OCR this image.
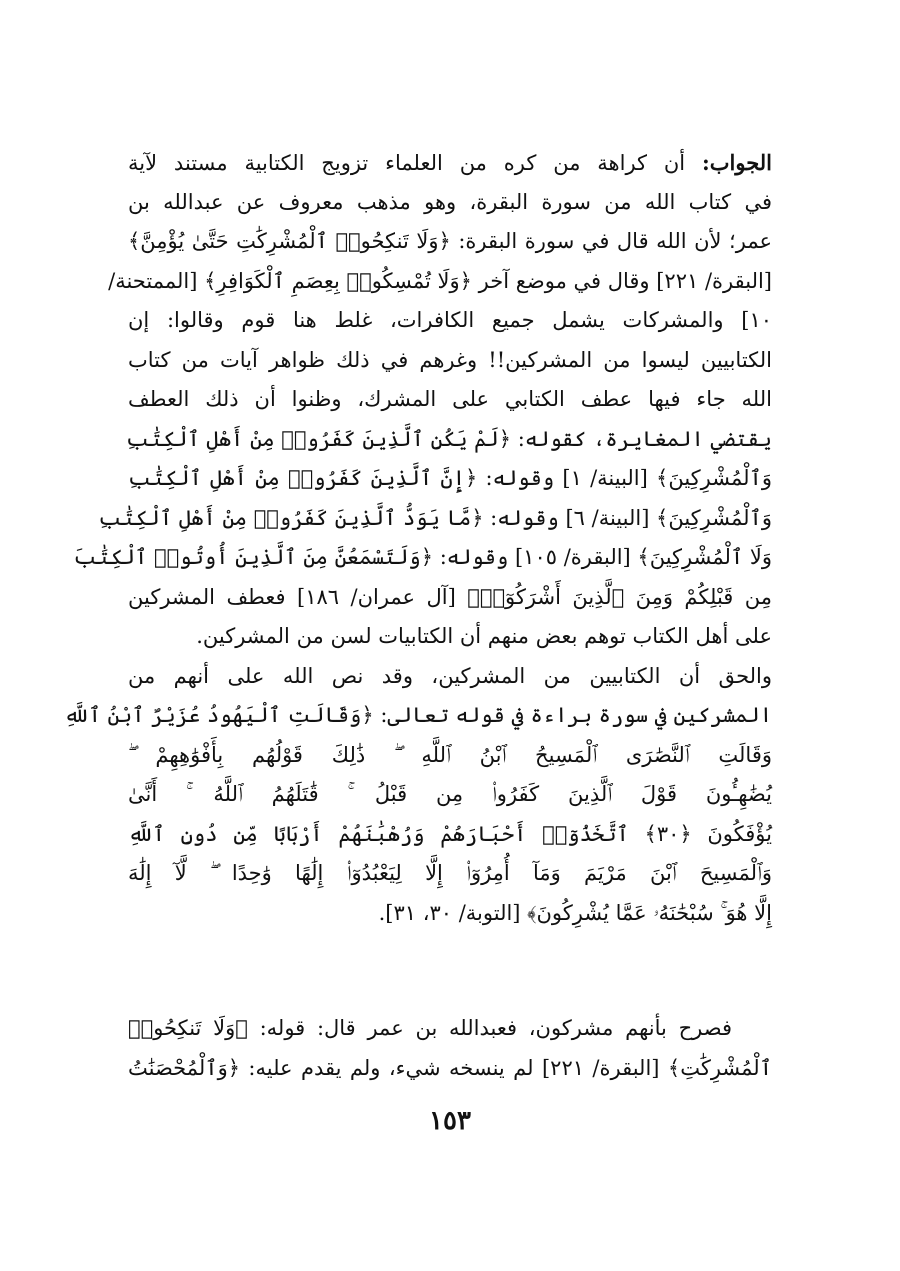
الجواب: أن كراهة من كره من العلماء تزويج الكتابية مستند لآية
في كتاب الله من سورة البقرة، وهو مذهب معروف عن عبدالله بن
عمر؛ لأن الله قال في سورة البقرة: ﴿وَلَا تَنكِحُوا۟ ٱلْمُشْرِكَٰتِ حَتَّىٰ يُؤْمِنَّ﴾
[البقرة/ ٢٢١] وقال في موضع آخر ﴿وَلَا تُمْسِكُوا۟ بِعِصَمِ ٱلْكَوَافِرِ﴾ [الممتحنة/
١٠] والمشركات يشمل جميع الكافرات، غلط هنا قوم وقالوا: إن
الكتابيين ليسوا من المشركين!! وغرهم في ذلك ظواهر آيات من كتاب
الله جاء فيها عطف الكتابي على المشرك، وظنوا أن ذلك العطف
يقتضي المغايرة، كقوله: ﴿لَمْ يَكُنِ ٱلَّذِينَ كَفَرُوا۟ مِنْ أَهْلِ ٱلْكِتَٰبِ
وَٱلْمُشْرِكِينَ﴾ [البينة/ ١] وقوله: ﴿إِنَّ ٱلَّذِينَ كَفَرُوا۟ مِنْ أَهْلِ ٱلْكِتَٰبِ
وَٱلْمُشْرِكِينَ﴾ [البينة/ ٦] وقوله: ﴿مَّا يَوَدُّ ٱلَّذِينَ كَفَرُوا۟ مِنْ أَهْلِ ٱلْكِتَٰبِ
وَلَا ٱلْمُشْرِكِينَ﴾ [البقرة/ ١٠٥] وقوله: ﴿وَلَتَسْمَعُنَّ مِنَ ٱلَّذِينَ أُوتُوا۟ ٱلْكِتَٰبَ
مِن قَبْلِكُمْ وَمِنَ ٱلَّذِينَ أَشْرَكُوٓا۟﴾ [آل عمران/ ١٨٦] فعطف المشركين
على أهل الكتاب توهم بعض منهم أن الكتابيات لسن من المشركين.
والحق أن الكتابيين من المشركين، وقد نص الله على أنهم من
المشركين في سورة براءة في قوله تعالى: ﴿وَقَالَتِ ٱلْيَهُودُ عُزَيْرٌ ٱبْنُ ٱللَّهِ
وَقَالَتِ ٱلنَّصَٰرَى ٱلْمَسِيحُ ٱبْنُ ٱللَّهِ ۖ ذَٰلِكَ قَوْلُهُم بِأَفْوَٰهِهِمْ ۖ
يُضَٰهِـُٔونَ قَوْلَ ٱلَّذِينَ كَفَرُوا۟ مِن قَبْلُ ۚ قَٰتَلَهُمُ ٱللَّهُ ۚ أَنَّىٰ
يُؤْفَكُونَ ﴿٣٠﴾ ٱتَّخَذُوٓا۟ أَحْبَارَهُمْ وَرُهْبَٰنَهُمْ أَرْبَابًا مِّن دُونِ ٱللَّهِ
وَٱلْمَسِيحَ ٱبْنَ مَرْيَمَ وَمَآ أُمِرُوٓا۟ إِلَّا لِيَعْبُدُوٓا۟ إِلَٰهًا وَٰحِدًا ۖ لَّآ إِلَٰهَ
إِلَّا هُوَ ۚ سُبْحَٰنَهُۥ عَمَّا يُشْرِكُونَ﴾ [التوبة/ ٣٠، ٣١].
فصرح بأنهم مشركون، فعبدالله بن عمر قال: قوله: ﴿وَلَا تَنكِحُوا۟
ٱلْمُشْرِكَٰتِ﴾ [البقرة/ ٢٢١] لم ينسخه شيء، ولم يقدم عليه: ﴿وَٱلْمُحْصَنَٰتُ
١٥٣
